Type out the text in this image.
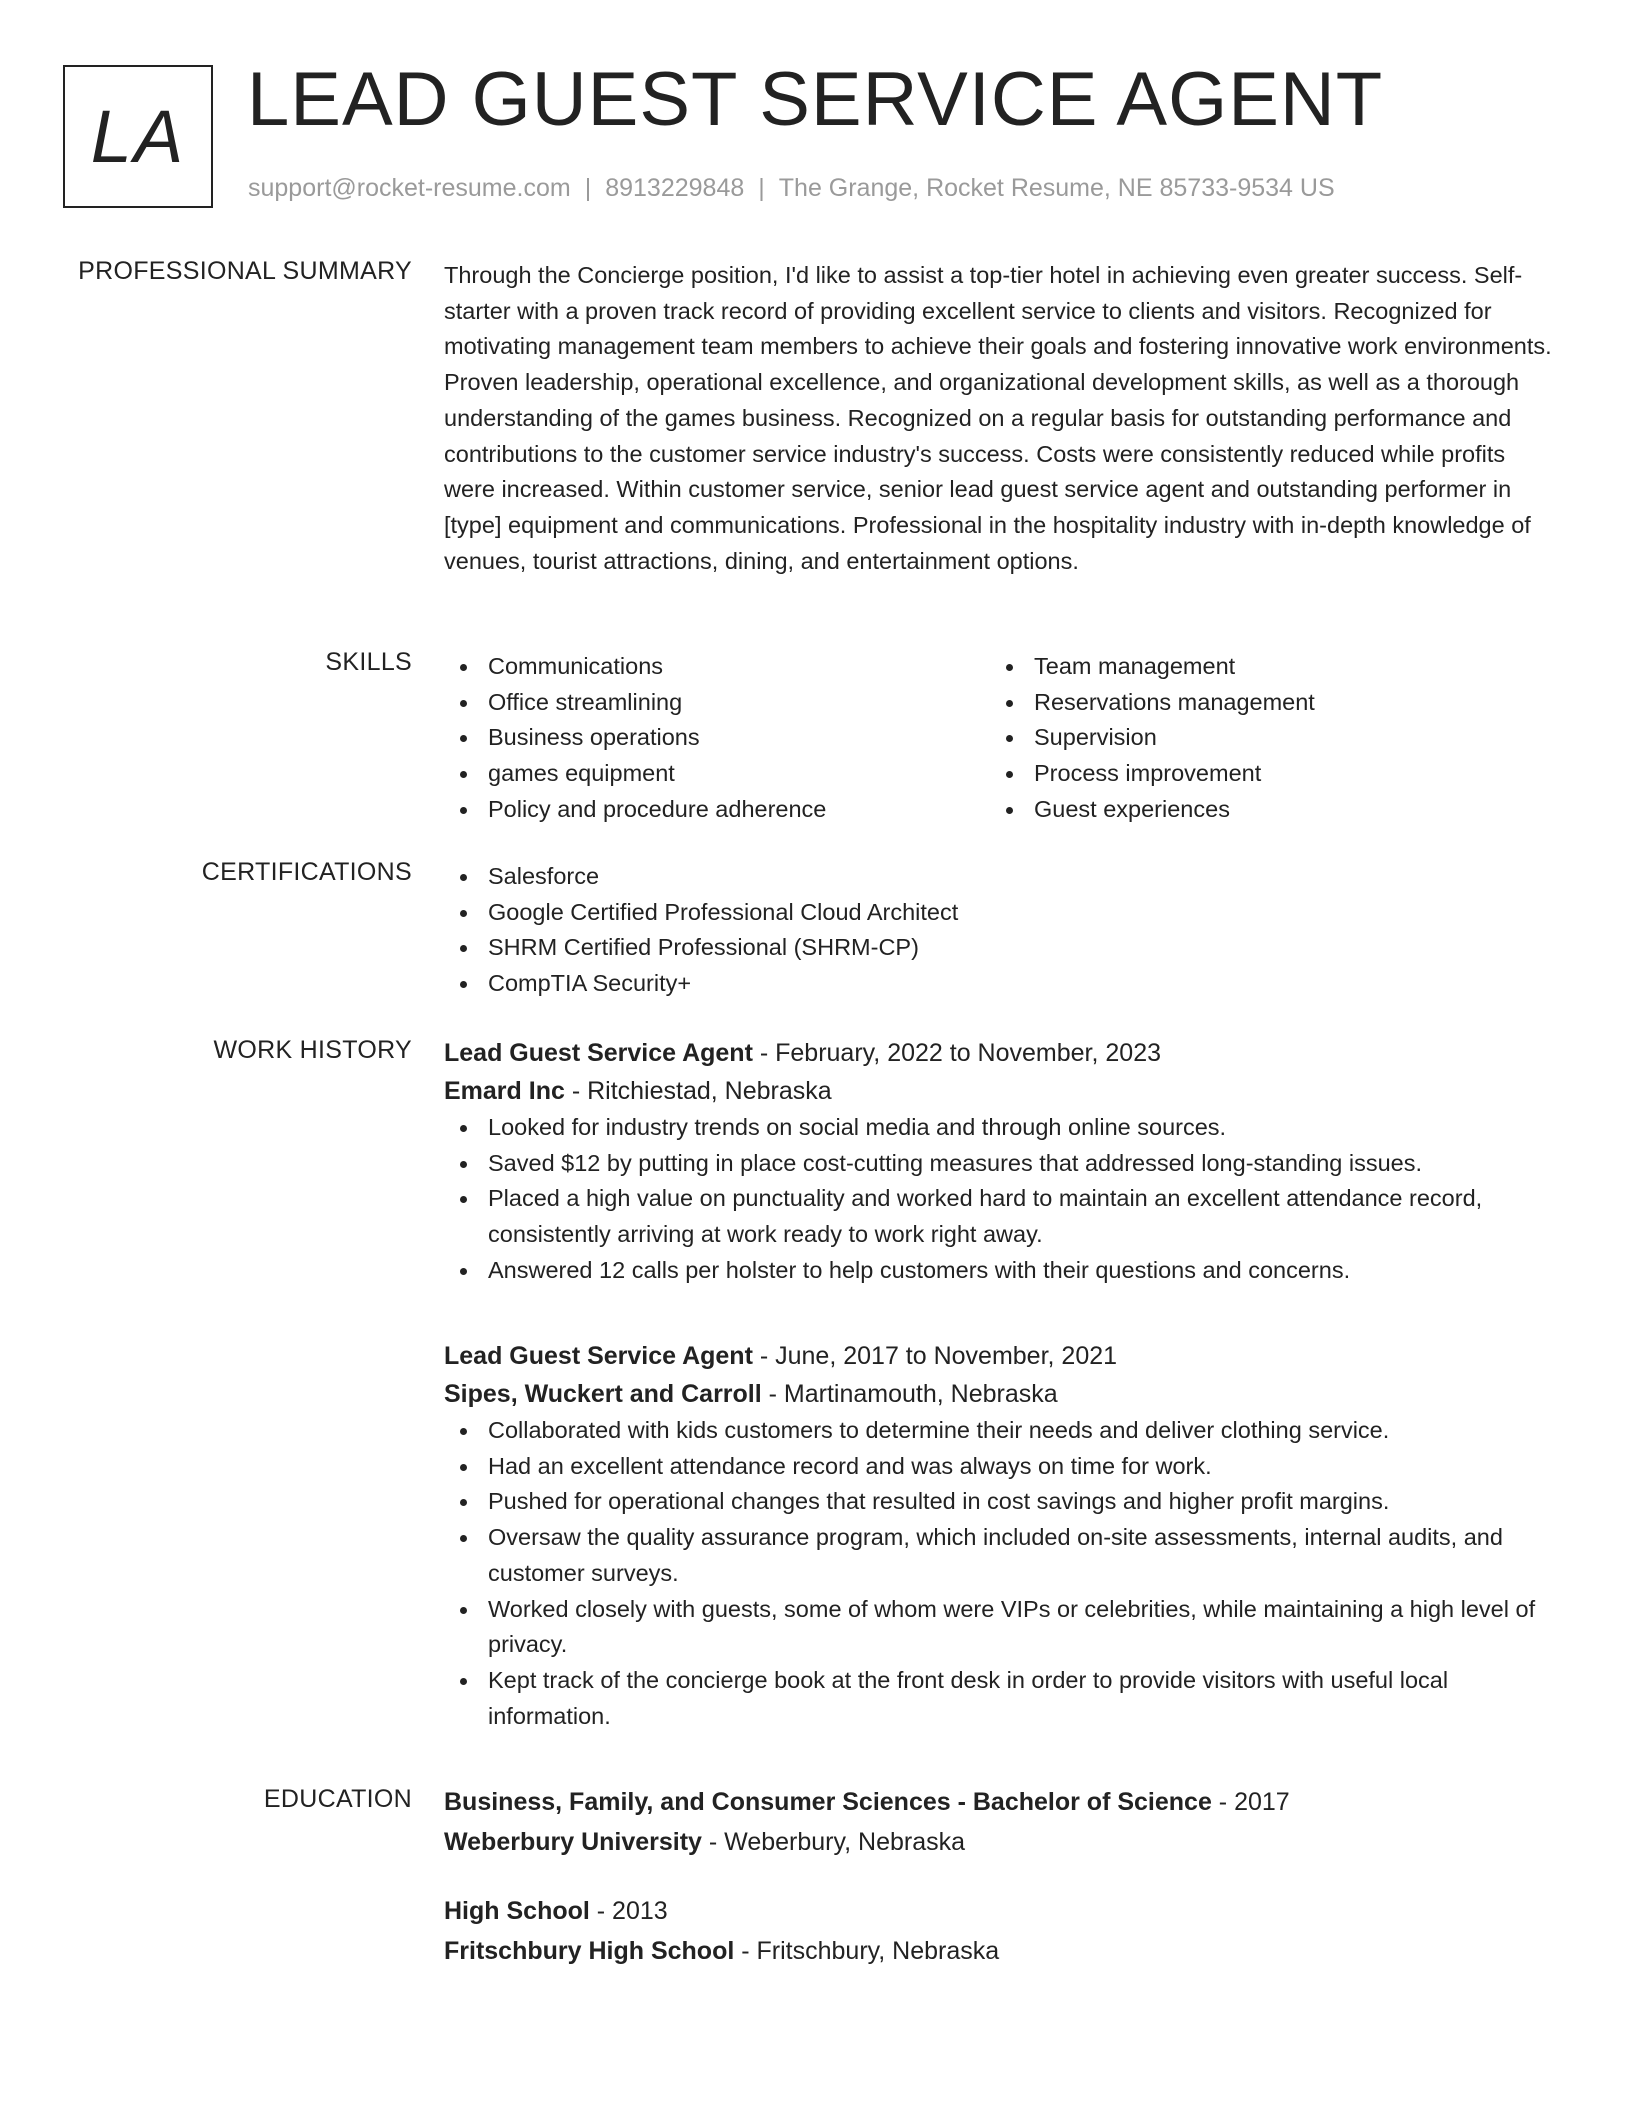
LA LEAD GUEST SERVICE AGENT
support@rocket-resume.com | 8913229848 | The Grange, Rocket Resume, NE 85733-9534 US
PROFESSIONAL SUMMARY Through the Concierge position, I'd like to assist a top-tier hotel in achieving even greater success. Self-starter with a proven track record of providing excellent service to clients and visitors. Recognized for motivating management team members to achieve their goals and fostering innovative work environments. Proven leadership, operational excellence, and organizational development skills, as well as a thorough understanding of the games business. Recognized on a regular basis for outstanding performance and contributions to the customer service industry's success. Costs were consistently reduced while profits were increased. Within customer service, senior lead guest service agent and outstanding performer in [type] equipment and communications. Professional in the hospitality industry with in-depth knowledge of venues, tourist attractions, dining, and entertainment options.

SKILLS	Communications
Office streamlining
Business operations
games equipment
Policy and procedure adherence
Team management
Reservations management
Supervision
Process improvement
Guest experiences
CERTIFICATIONS	Salesforce
Google Certified Professional Cloud Architect
SHRM Certified Professional (SHRM-CP)
CompTIA Security+
WORK HISTORY Lead Guest Service Agent - February, 2022 to November, 2023
Emard Inc - Ritchiestad, Nebraska
Looked for industry trends on social media and through online sources.
Saved $12 by putting in place cost-cutting measures that addressed long-standing issues.
Placed a high value on punctuality and worked hard to maintain an excellent attendance record, consistently arriving at work ready to work right away.
Answered 12 calls per holster to help customers with their questions and concerns.
Lead Guest Service Agent - June, 2017 to November, 2021
Sipes, Wuckert and Carroll - Martinamouth, Nebraska
Collaborated with kids customers to determine their needs and deliver clothing service.
Had an excellent attendance record and was always on time for work.
Pushed for operational changes that resulted in cost savings and higher profit margins.
Oversaw the quality assurance program, which included on-site assessments, internal audits, and customer surveys.
Worked closely with guests, some of whom were VIPs or celebrities, while maintaining a high level of privacy.
Kept track of the concierge book at the front desk in order to provide visitors with useful local information.
EDUCATION Business, Family, and Consumer Sciences - Bachelor of Science - 2017
Weberbury University - Weberbury, Nebraska
High School - 2013
Fritschbury High School - Fritschbury, Nebraska
